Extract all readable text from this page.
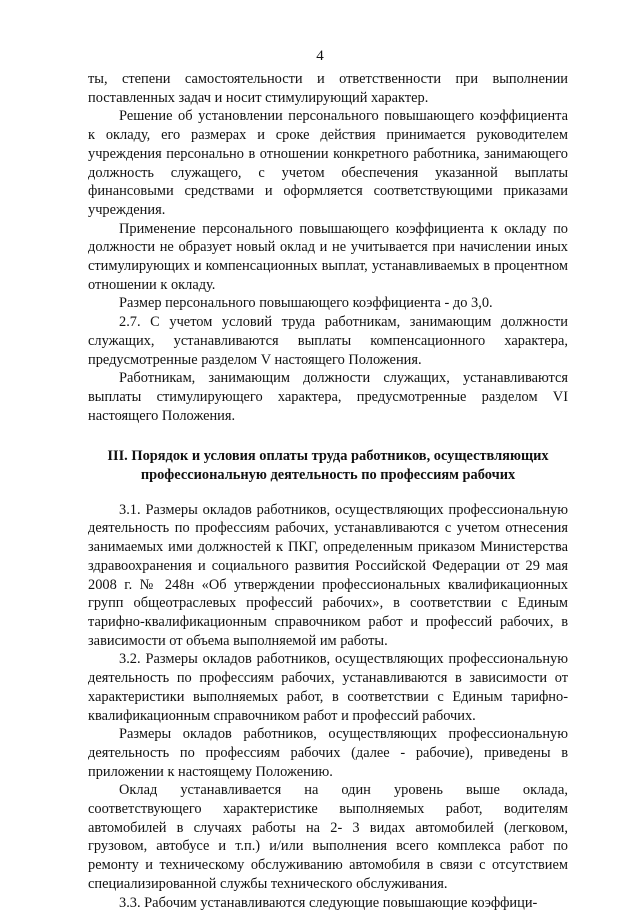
4

ты, степени самостоятельности и ответственности при выполнении поставленных задач и носит стимулирующий характер.

Решение об установлении персонального повышающего коэффициента к окладу, его размерах и сроке действия принимается руководителем учреждения персонально в отношении конкретного работника, занимающего должность служащего, с учетом обеспечения указанной выплаты финансовыми средствами и оформляется соответствующими приказами учреждения.

Применение персонального повышающего коэффициента к окладу по должности не образует новый оклад и не учитывается при начислении иных стимулирующих и компенсационных выплат, устанавливаемых в процентном отношении к окладу.

Размер персонального повышающего коэффициента - до 3,0.

2.7. С учетом условий труда работникам, занимающим должности служащих, устанавливаются выплаты компенсационного характера, предусмотренные разделом V настоящего Положения.

Работникам, занимающим должности служащих, устанавливаются выплаты стимулирующего характера, предусмотренные разделом VI настоящего Положения.

III. Порядок и условия оплаты труда работников, осуществляющих профессиональную деятельность по профессиям рабочих

3.1. Размеры окладов работников, осуществляющих профессиональную деятельность по профессиям рабочих, устанавливаются с учетом отнесения занимаемых ими должностей к ПКГ, определенным приказом Министерства здравоохранения и социального развития Российской Федерации от 29 мая 2008 г. № 248н «Об утверждении профессиональных квалификационных групп общеотраслевых профессий рабочих», в соответствии с Единым тарифно-квалификационным справочником работ и профессий рабочих, в зависимости от объема выполняемой им работы.

3.2. Размеры окладов работников, осуществляющих профессиональную деятельность по профессиям рабочих, устанавливаются в зависимости от характеристики выполняемых работ, в соответствии с Единым тарифно-квалификационным справочником работ и профессий рабочих.

Размеры окладов работников, осуществляющих профессиональную деятельность по профессиям рабочих (далее - рабочие), приведены в приложении к настоящему Положению.

Оклад устанавливается на один уровень выше оклада, соответствующего характеристике выполняемых работ, водителям автомобилей в случаях работы на 2- 3 видах автомобилей (легковом, грузовом, автобусе и т.п.) и/или выполнения всего комплекса работ по ремонту и техническому обслуживанию автомобиля в связи с отсутствием специализированной службы технического обслуживания.

3.3. Рабочим устанавливаются следующие повышающие коэффици-
